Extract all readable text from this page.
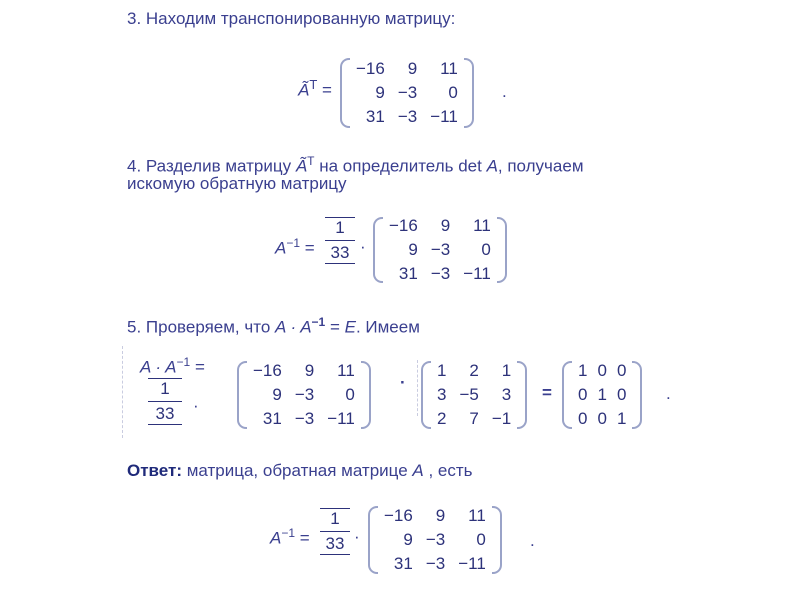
3. Находим транспонированную матрицу:
$Ã^T$ =
−16	9	11
9 −3	0
31 −3 −11
.
4. Разделив матрицу $Ã^T$ на определитель det A, получаем
искомую обратную матрицу
$A^{-1}$ =
1
33 ·
−16	9	11
9 −3	0
31 −3 −11
5. Проверяем, что $A \cdot A^{-1} = E$. Имеем
$A \cdot A^{-1}$ =
1
33	·
−16	9	11
9 −3	0
31 −3 −11
·
1	2	1
3 −5	3
2	7 −1
=
1 0 0
0 1 0
0 0 1
.
Ответ: матрица, обратная матрице A , есть
$A^{-1}$ =
1
33 ·
−16	9	11
9 −3	0
31 −3 −11
.
